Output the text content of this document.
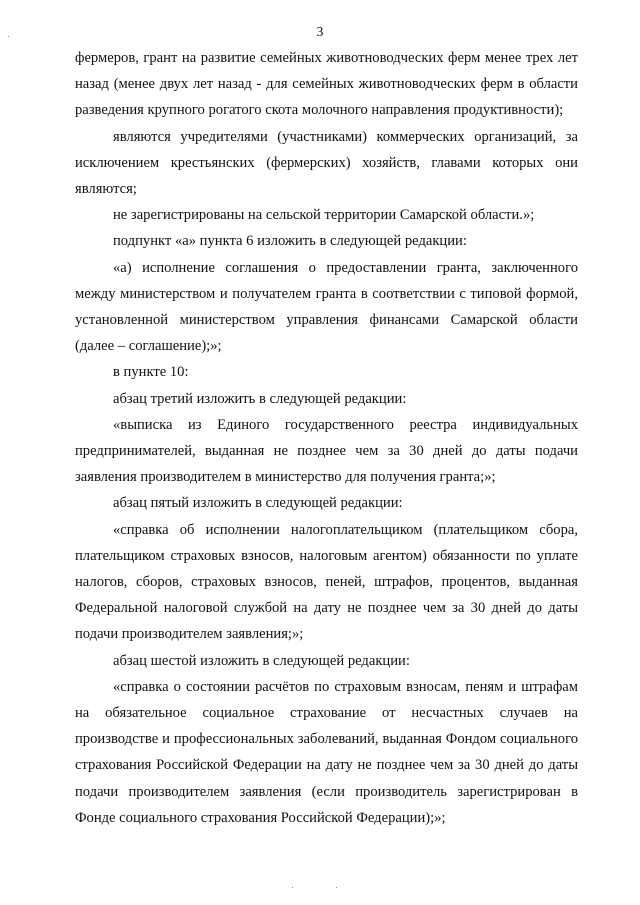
3

фермеров, грант на развитие семейных животноводческих ферм менее трех лет назад (менее двух лет назад - для семейных животноводческих ферм в области разведения крупного рогатого скота молочного направления продуктивности);

являются учредителями (участниками) коммерческих организаций, за исключением крестьянских (фермерских) хозяйств, главами которых они являются;

не зарегистрированы на сельской территории Самарской области.»;

подпункт «а» пункта 6 изложить в следующей редакции:

«а) исполнение соглашения о предоставлении гранта, заключенного между министерством и получателем гранта в соответствии с типовой формой, установленной министерством управления финансами Самарской области (далее – соглашение);»;

в пункте 10:

абзац третий изложить в следующей редакции:

«выписка из Единого государственного реестра индивидуальных предпринимателей, выданная не позднее чем за 30 дней до даты подачи заявления производителем в министерство для получения гранта;»;

абзац пятый изложить в следующей редакции:

«справка об исполнении налогоплательщиком (плательщиком сбора, плательщиком страховых взносов, налоговым агентом) обязанности по уплате налогов, сборов, страховых взносов, пеней, штрафов, процентов, выданная Федеральной налоговой службой на дату не позднее чем за 30 дней до даты подачи производителем заявления;»;

абзац шестой изложить в следующей редакции:

«справка о состоянии расчётов по страховым взносам, пеням и штрафам на обязательное социальное страхование от несчастных случаев на производстве и профессиональных заболеваний, выданная Фондом социального страхования Российской Федерации на дату не позднее чем за 30 дней до даты подачи производителем заявления (если производитель зарегистрирован в Фонде социального страхования Российской Федерации);»;
